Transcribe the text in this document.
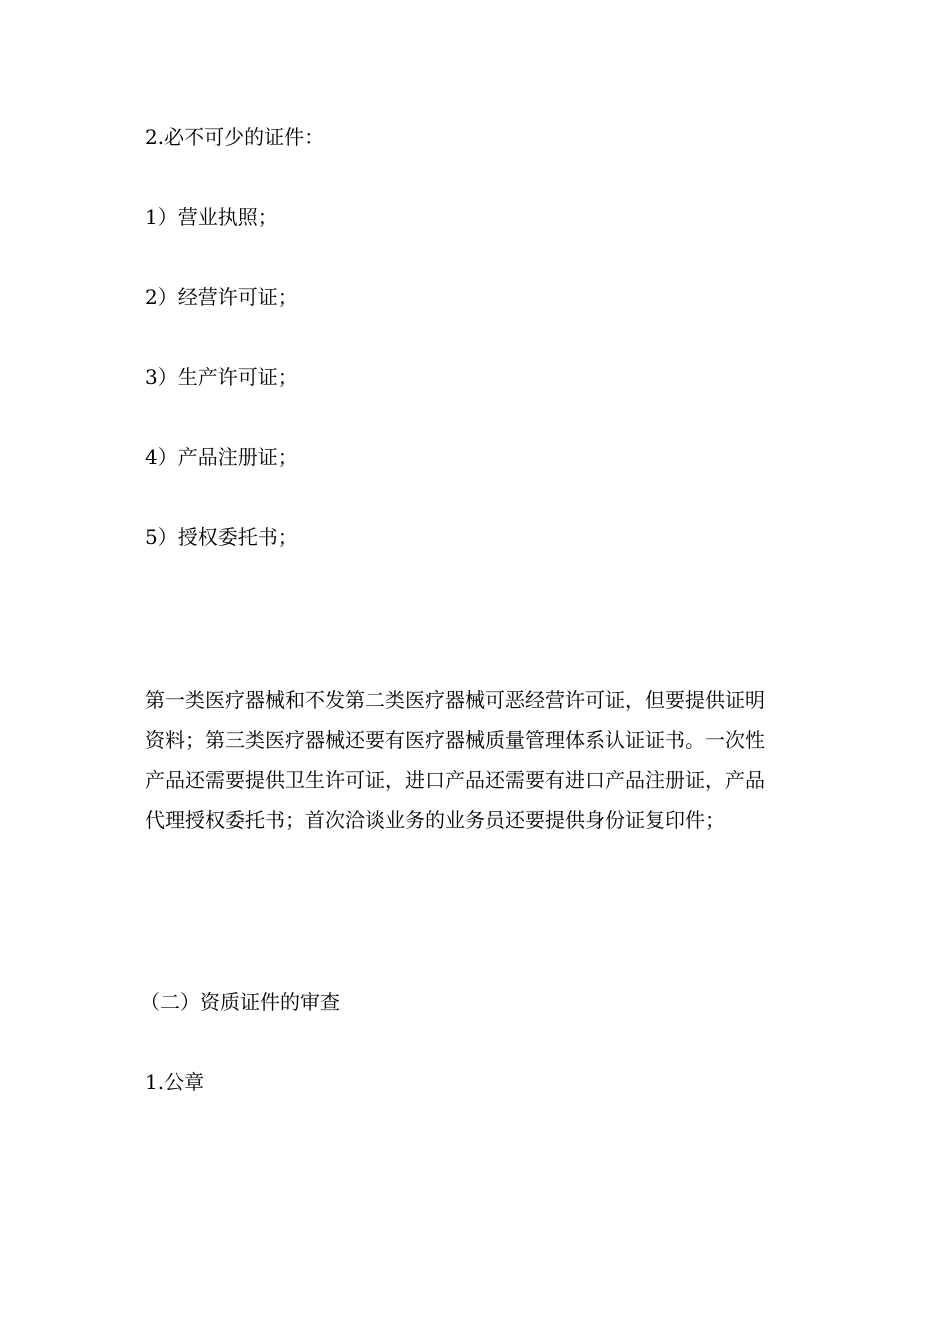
2.必不可少的证件：
1）营业执照；
2）经营许可证；
3）生产许可证；
4）产品注册证；
5）授权委托书；
第一类医疗器械和不发第二类医疗器械可恶经营许可证，但要提供证明
资料；第三类医疗器械还要有医疗器械质量管理体系认证证书。一次性
产品还需要提供卫生许可证，进口产品还需要有进口产品注册证，产品
代理授权委托书；首次洽谈业务的业务员还要提供身份证复印件；
（二）资质证件的审查
1.公章
